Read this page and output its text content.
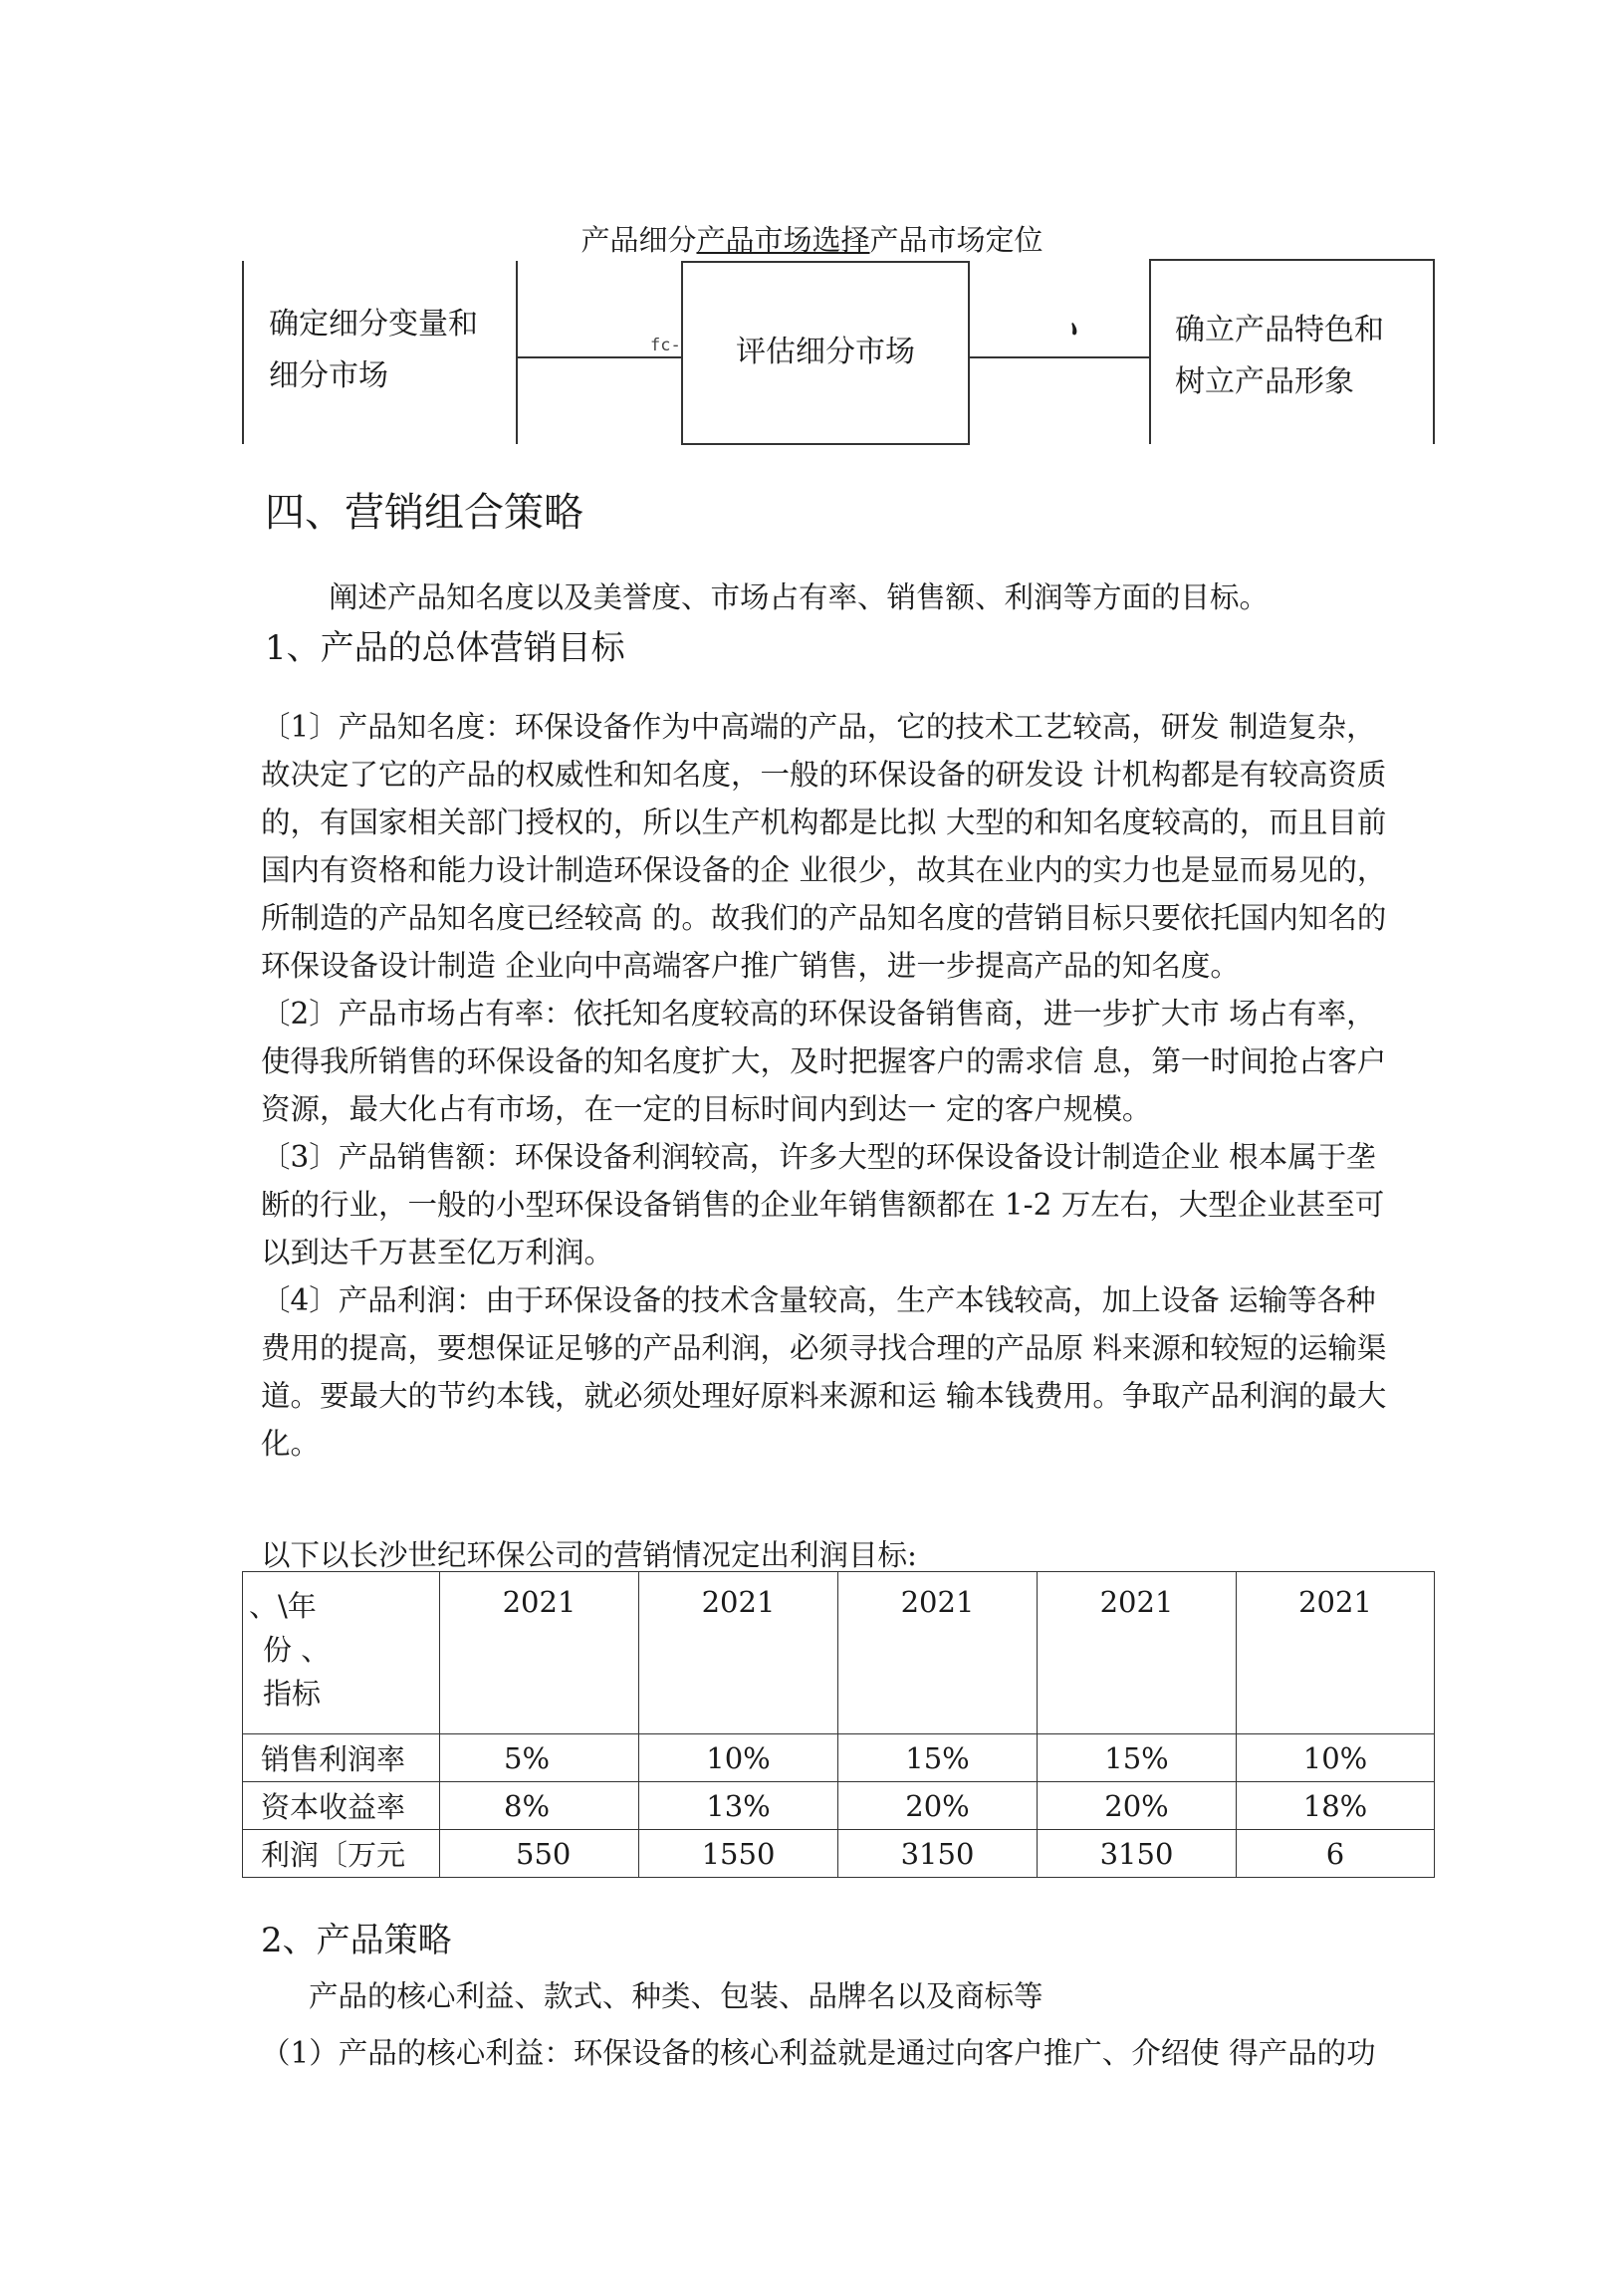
产品细分产品市场选择产品市场定位
确定细分变量和
细分市场
fc-	评估细分市场	、 确立产品特色和
树立产品形象
四、营销组合策略
阐述产品知名度以及美誉度、市场占有率、销售额、利润等方面的目标。
1、产品的总体营销目标
〔1〕产品知名度：环保设备作为中高端的产品，它的技术工艺较高，研发 制造复杂，
故决定了它的产品的权威性和知名度，一般的环保设备的研发设 计机构都是有较高资质
的，有国家相关部门授权的，所以生产机构都是比拟 大型的和知名度较高的，而且目前
国内有资格和能力设计制造环保设备的企 业很少，故其在业内的实力也是显而易见的，
所制造的产品知名度已经较高 的。故我们的产品知名度的营销目标只要依托国内知名的
环保设备设计制造 企业向中高端客户推广销售，进一步提高产品的知名度。
〔2〕产品市场占有率：依托知名度较高的环保设备销售商，进一步扩大市 场占有率，
使得我所销售的环保设备的知名度扩大，及时把握客户的需求信 息，第一时间抢占客户
资源，最大化占有市场，在一定的目标时间内到达一 定的客户规模。
〔3〕产品销售额：环保设备利润较高，许多大型的环保设备设计制造企业 根本属于垄
断的行业，一般的小型环保设备销售的企业年销售额都在 1-2 万左右，大型企业甚至可
以到达千万甚至亿万利润。
〔4〕产品利润：由于环保设备的技术含量较高，生产本钱较高，加上设备 运输等各种
费用的提高，要想保证足够的产品利润，必须寻找合理的产品原 料来源和较短的运输渠
道。要最大的节约本钱，就必须处理好原料来源和运 输本钱费用。争取产品利润的最大
化。
以下以长沙世纪环保公司的营销情况定出利润目标:
、\年
份 、
指标	2021	2021	2021	2021	2021
销售利润率	5%	10%	15%	15%	10%
资本收益率	8%	13%	20%	20%	18%
利润〔万元	550	1550	3150	3150	6
2、产品策略
产品的核心利益、款式、种类、包装、品牌名以及商标等
（1）产品的核心利益：环保设备的核心利益就是通过向客户推广、介绍使 得产品的功
